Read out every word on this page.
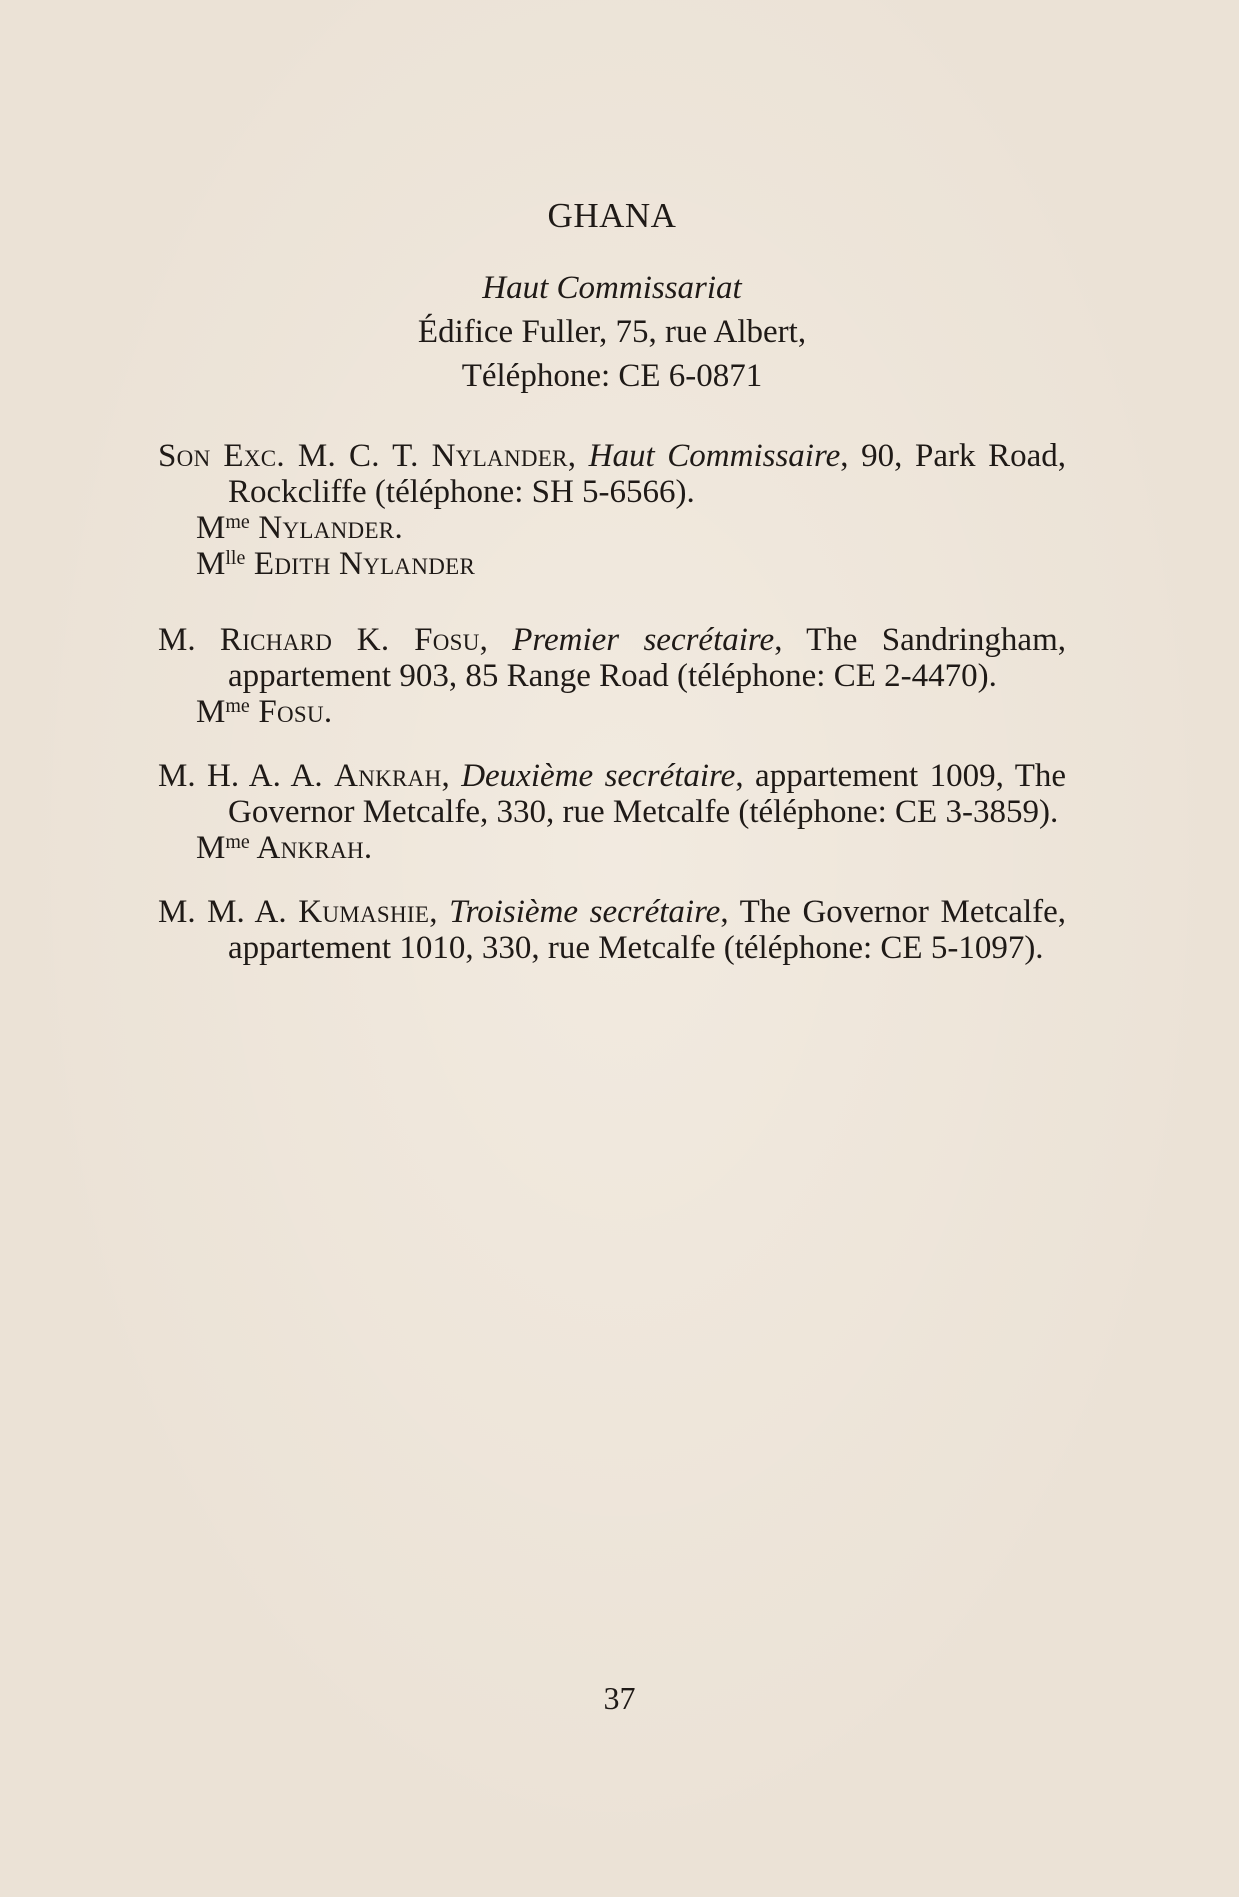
GHANA
Haut Commissariat
Édifice Fuller, 75, rue Albert,
Téléphone: CE 6-0871

Son Exc. M. C. T. Nylander, Haut Commissaire, 90, Park Road, Rockcliffe (téléphone: SH 5-6566).

$M^{me}$ Nylander.

$M^{lle}$ Edith Nylander

M. Richard K. Fosu, Premier secrétaire, The Sandringham, appartement 903, 85 Range Road (téléphone: CE 2-4470).

$M^{me}$ Fosu.

M. H. A. A. Ankrah, Deuxième secrétaire, appartement 1009, The Governor Metcalfe, 330, rue Metcalfe (téléphone: CE 3-3859).

$M^{me}$ Ankrah.

M. M. A. Kumashie, Troisième secrétaire, The Governor Metcalfe, appartement 1010, 330, rue Metcalfe (téléphone: CE 5-1097).

37
